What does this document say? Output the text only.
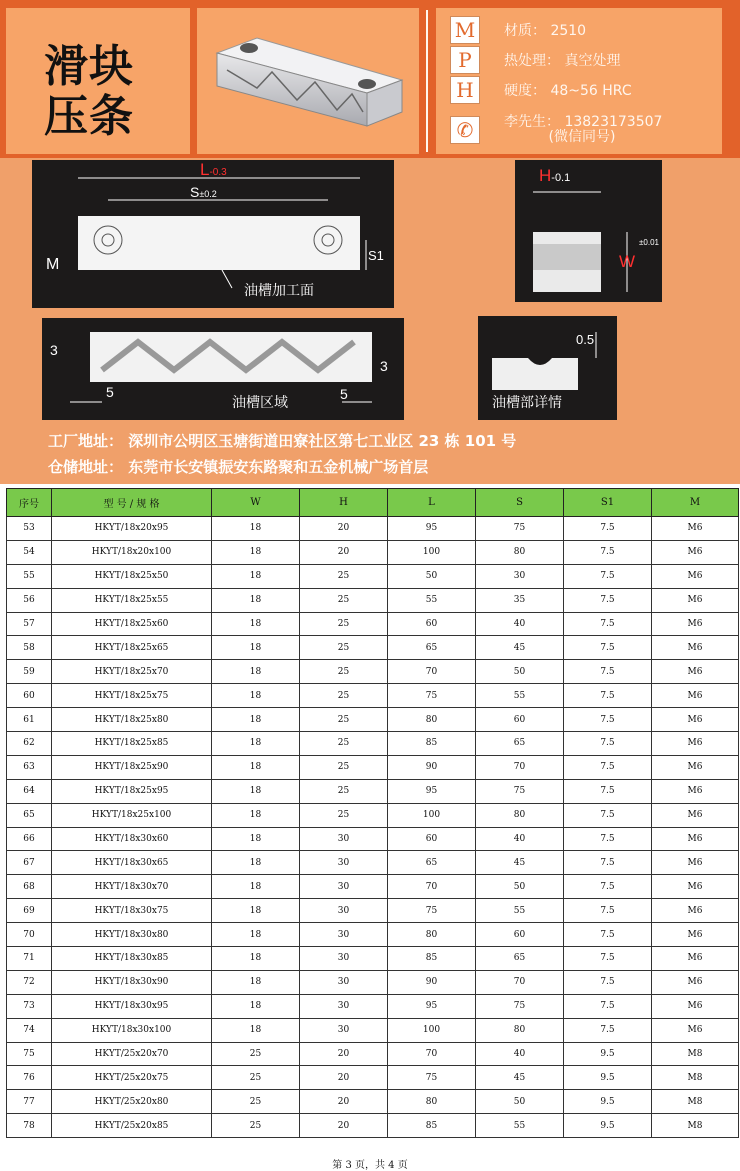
滑块
压条
M	材质： 2510
P	热处理： 真空处理
H	硬度： 48~56 HRC
✆	李先生： 13823173507
(微信同号)
L-0.3
S±0.2
S1
M
油槽加工面
H-0.1
W
±0.01
3
3
5	5
油槽区域
0.5
油槽部详情
工厂地址： 深圳市公明区玉塘街道田寮社区第七工业区 23 栋 101 号
仓储地址： 东莞市长安镇振安东路聚和五金机械广场首层
序号	型 号 / 规 格	W	H	L	S	S1	M
53	HKYT/18x20x95	18	20	95	75	7.5	M6
54	HKYT/18x20x100	18	20	100	80	7.5	M6
55	HKYT/18x25x50	18	25	50	30	7.5	M6
56	HKYT/18x25x55	18	25	55	35	7.5	M6
57	HKYT/18x25x60	18	25	60	40	7.5	M6
58	HKYT/18x25x65	18	25	65	45	7.5	M6
59	HKYT/18x25x70	18	25	70	50	7.5	M6
60	HKYT/18x25x75	18	25	75	55	7.5	M6
61	HKYT/18x25x80	18	25	80	60	7.5	M6
62	HKYT/18x25x85	18	25	85	65	7.5	M6
63	HKYT/18x25x90	18	25	90	70	7.5	M6
64	HKYT/18x25x95	18	25	95	75	7.5	M6
65	HKYT/18x25x100	18	25	100	80	7.5	M6
66	HKYT/18x30x60	18	30	60	40	7.5	M6
67	HKYT/18x30x65	18	30	65	45	7.5	M6
68	HKYT/18x30x70	18	30	70	50	7.5	M6
69	HKYT/18x30x75	18	30	75	55	7.5	M6
70	HKYT/18x30x80	18	30	80	60	7.5	M6
71	HKYT/18x30x85	18	30	85	65	7.5	M6
72	HKYT/18x30x90	18	30	90	70	7.5	M6
73	HKYT/18x30x95	18	30	95	75	7.5	M6
74	HKYT/18x30x100	18	30	100	80	7.5	M6
75	HKYT/25x20x70	25	20	70	40	9.5	M8
76	HKYT/25x20x75	25	20	75	45	9.5	M8
77	HKYT/25x20x80	25	20	80	50	9.5	M8
78	HKYT/25x20x85	25	20	85	55	9.5	M8
第 3 页，共 4 页
